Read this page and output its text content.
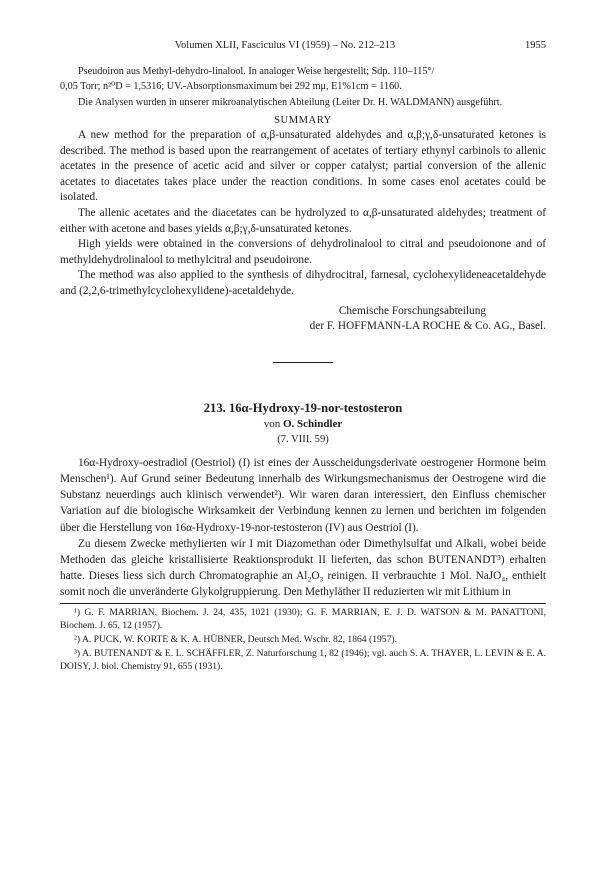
Volumen XLII, Fasciculus VI (1959) – No. 212–213	1955
Pseudoiron aus Methyl-dehydro-linalool. In analoger Weise hergestellt; Sdp. 110–115°/
0,05 Torr; n²⁰D = 1,5316; UV.-Absorptionsmaximum bei 292 mμ, E1%1cm = 1160.
Die Analysen wurden in unserer mikroanalytischen Abteilung (Leiter Dr. H. WALDMANN) ausgeführt.
SUMMARY

A new method for the preparation of α,β-unsaturated aldehydes and α,β;γ,δ-unsaturated ketones is described. The method is based upon the rearrangement of acetates of tertiary ethynyl carbinols to allenic acetates in the presence of acetic acid and silver or copper catalyst; partial conversion of the allenic acetates to diacetates takes place under the reaction conditions. In some cases enol acetates could be isolated.

The allenic acetates and the diacetates can be hydrolyzed to α,β-unsaturated aldehydes; treatment of either with acetone and bases yields α,β;γ,δ-unsaturated ketones.

High yields were obtained in the conversions of dehydrolinalool to citral and pseudoionone and of methyldehydrolinalool to methylcitral and pseudoirone.

The method was also applied to the synthesis of dihydrocitral, farnesal, cyclohexylideneacetaldehyde and (2,2,6-trimethylcyclohexylidene)-acetaldehyde.

Chemische Forschungsabteilung
der F. HOFFMANN-LA ROCHE & Co. AG., Basel.
213. 16α-Hydroxy-19-nor-testosteron
von O. Schindler
(7. VIII. 59)

16α-Hydroxy-oestradiol (Oestriol) (I) ist eines der Ausscheidungsderivate oestrogener Hormone beim Menschen¹). Auf Grund seiner Bedeutung innerhalb des Wirkungsmechanismus der Oestrogene wird die Substanz neuerdings auch klinisch verwendet²). Wir waren daran interessiert, den Einfluss chemischer Variation auf die biologische Wirksamkeit der Verbindung kennen zu lernen und berichten im folgenden über die Herstellung von 16α-Hydroxy-19-nor-testosteron (IV) aus Oestriol (I).

Zu diesem Zwecke methylierten wir I mit Diazomethan oder Dimethylsulfat und Alkali, wobei beide Methoden das gleiche kristallisierte Reaktionsprodukt II lieferten, das schon BUTENANDT³) erhalten hatte. Dieses liess sich durch Chromatographie an Al₂O₃ reinigen. II verbrauchte 1 Mol. NaJO₄, enthielt somit noch die unveränderte Glykolgruppierung. Den Methyläther II reduzierten wir mit Lithium in

¹) G. F. MARRIAN, Biochem. J. 24, 435, 1021 (1930); G. F. MARRIAN, E. J. D. WATSON & M. PANATTONI, Biochem. J. 65, 12 (1957).

²) A. PUCK, W. KORTE & K. A. HÜBNER, Deutsch Med. Wschr. 82, 1864 (1957).

³) A. BUTENANDT & E. L. SCHÄFFLER, Z. Naturforschung 1, 82 (1946); vgl. auch S. A. THAYER, L. LEVIN & E. A. DOISY, J. biol. Chemistry 91, 655 (1931).
